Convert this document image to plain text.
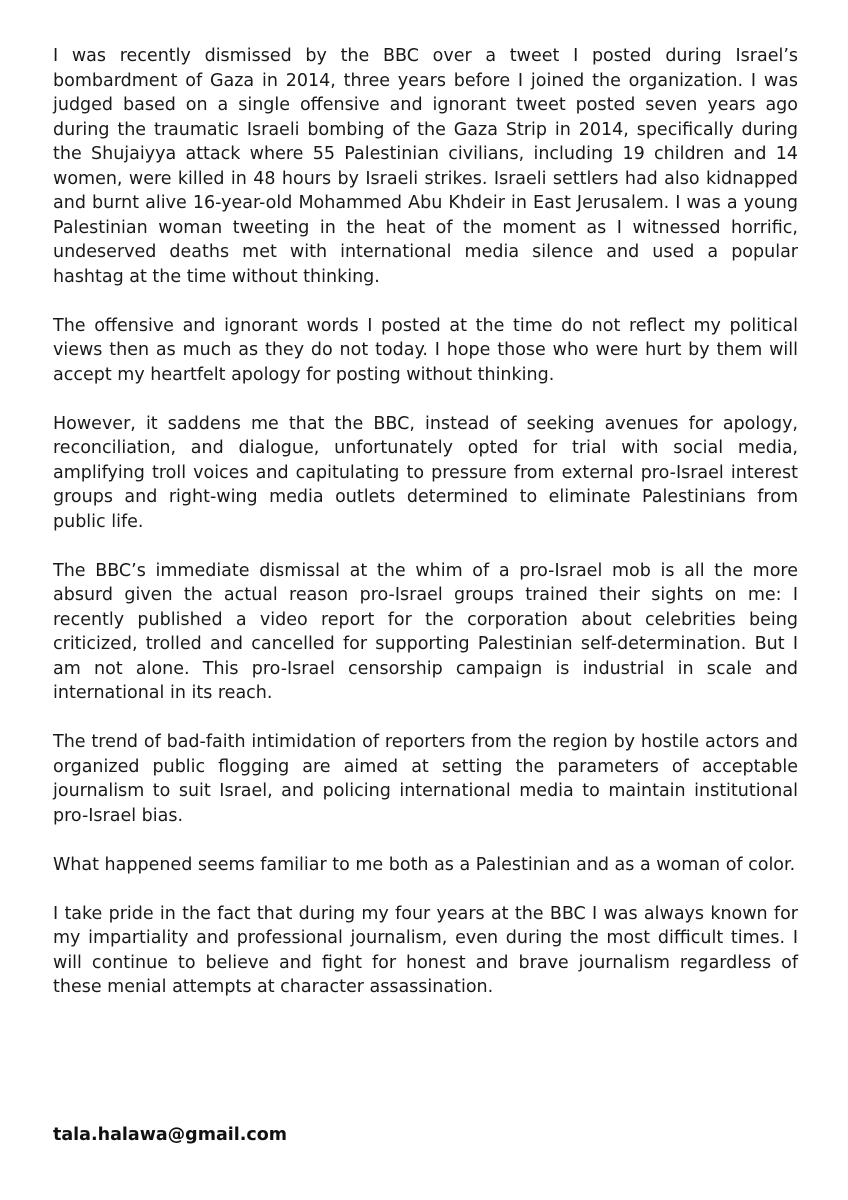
I was recently dismissed by the BBC over a tweet I posted during Israel’s bombardment of Gaza in 2014, three years before I joined the organization. I was judged based on a single offensive and ignorant tweet posted seven years ago during the traumatic Israeli bombing of the Gaza Strip in 2014, specifically during the Shujaiyya attack where 55 Palestinian civilians, including 19 children and 14 women, were killed in 48 hours by Israeli strikes. Israeli settlers had also kidnapped and burnt alive 16-year-old Mohammed Abu Khdeir in East Jerusalem. I was a young Palestinian woman tweeting in the heat of the moment as I witnessed horrific, undeserved deaths met with international media silence and used a popular hashtag at the time without thinking.

The offensive and ignorant words I posted at the time do not reflect my political views then as much as they do not today. I hope those who were hurt by them will accept my heartfelt apology for posting without thinking.

However, it saddens me that the BBC, instead of seeking avenues for apology, reconciliation, and dialogue, unfortunately opted for trial with social media, amplifying troll voices and capitulating to pressure from external pro-Israel interest groups and right-wing media outlets determined to eliminate Palestinians from public life.

The BBC’s immediate dismissal at the whim of a pro-Israel mob is all the more absurd given the actual reason pro-Israel groups trained their sights on me: I recently published a video report for the corporation about celebrities being criticized, trolled and cancelled for supporting Palestinian self-determination. But I am not alone. This pro-Israel censorship campaign is industrial in scale and international in its reach.

The trend of bad-faith intimidation of reporters from the region by hostile actors and organized public flogging are aimed at setting the parameters of acceptable journalism to suit Israel, and policing international media to maintain institutional pro-Israel bias.

What happened seems familiar to me both as a Palestinian and as a woman of color.

I take pride in the fact that during my four years at the BBC I was always known for my impartiality and professional journalism, even during the most difficult times. I will continue to believe and fight for honest and brave journalism regardless of these menial attempts at character assassination.

tala.halawa@gmail.com
